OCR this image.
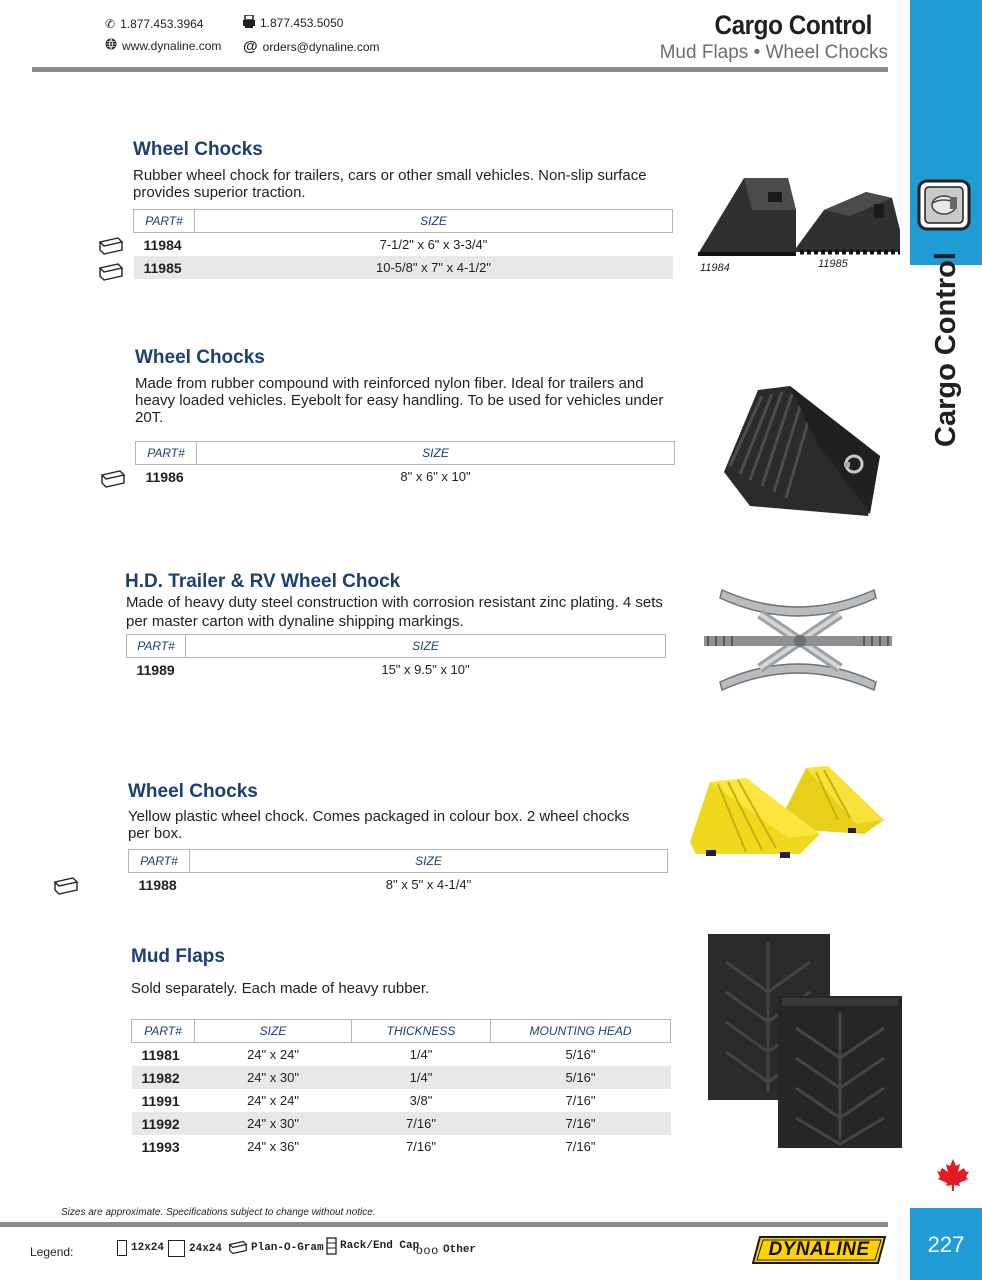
✆ 1.877.453.3964	1.877.453.5050
www.dynaline.com @ orders@dynaline.com
Cargo Control
Mud Flaps • Wheel Chocks
Cargo Control
Wheel Chocks
Rubber wheel chock for trailers, cars or other small vehicles. Non-slip surface provides superior traction.
PART#	SIZE
11984	7-1/2" x 6" x 3-3/4"
11985	10-5/8" x 7" x 4-1/2"	11984	11985
Wheel Chocks
Made from rubber compound with reinforced nylon fiber. Ideal for trailers and heavy loaded vehicles. Eyebolt for easy handling. To be used for vehicles under 20T.
PART#	SIZE
11986	8" x 6" x 10"
H.D. Trailer & RV Wheel Chock
Made of heavy duty steel construction with corrosion resistant zinc plating. 4 sets per master carton with dynaline shipping markings.
PART#	SIZE
11989	15" x 9.5" x 10"
Wheel Chocks
Yellow plastic wheel chock. Comes packaged in colour box. 2 wheel chocks per box.
PART#	SIZE
11988	8" x 5" x 4-1/4"
Mud Flaps
Sold separately. Each made of heavy rubber.
PART#	SIZE	THICKNESS	MOUNTING HEAD
11981	24" x 24"	1/4"	5/16"
11982	24" x 30"	1/4"	5/16"
11991	24" x 24"	3/8"	7/16"
11992	24" x 30"	7/16"	7/16"
11993	24" x 36"	7/16"	7/16"
Sizes are approximate. Specifications subject to change without notice.
Legend:	12x24 24x24	Plan-O-Gram Rack/End Cap
ooo Other	DYNALINE	227
